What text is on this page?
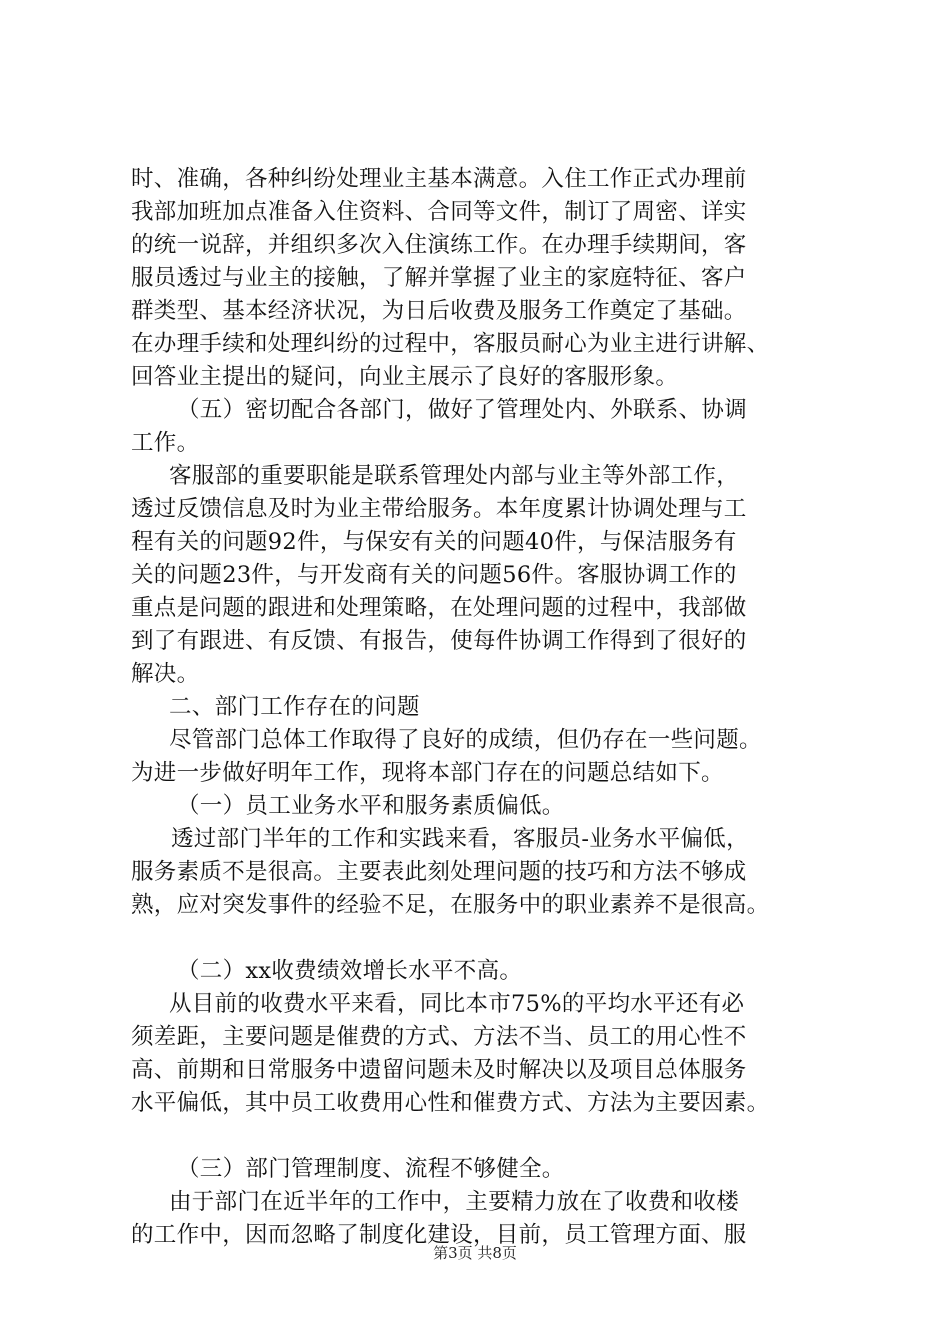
时、准确，各种纠纷处理业主基本满意。入住工作正式办理前
我部加班加点准备入住资料、合同等文件，制订了周密、详实
的统一说辞，并组织多次入住演练工作。在办理手续期间，客
服员透过与业主的接触，了解并掌握了业主的家庭特征、客户
群类型、基本经济状况，为日后收费及服务工作奠定了基础。
在办理手续和处理纠纷的过程中，客服员耐心为业主进行讲解、
回答业主提出的疑问，向业主展示了良好的客服形象。
（五）密切配合各部门，做好了管理处内、外联系、协调
工作。
客服部的重要职能是联系管理处内部与业主等外部工作，
透过反馈信息及时为业主带给服务。本年度累计协调处理与工
程有关的问题92件，与保安有关的问题40件，与保洁服务有
关的问题23件，与开发商有关的问题56件。客服协调工作的
重点是问题的跟进和处理策略，在处理问题的过程中，我部做
到了有跟进、有反馈、有报告，使每件协调工作得到了很好的
解决。
二、部门工作存在的问题
尽管部门总体工作取得了良好的成绩，但仍存在一些问题。
为进一步做好明年工作，现将本部门存在的问题总结如下。
（一）员工业务水平和服务素质偏低。
透过部门半年的工作和实践来看，客服员-业务水平偏低，
服务素质不是很高。主要表此刻处理问题的技巧和方法不够成
熟，应对突发事件的经验不足，在服务中的职业素养不是很高。
（二）xx收费绩效增长水平不高。
从目前的收费水平来看，同比本市75%的平均水平还有必
须差距，主要问题是催费的方式、方法不当、员工的用心性不
高、前期和日常服务中遗留问题未及时解决以及项目总体服务
水平偏低，其中员工收费用心性和催费方式、方法为主要因素。
（三）部门管理制度、流程不够健全。
由于部门在近半年的工作中，主要精力放在了收费和收楼
的工作中，因而忽略了制度化建设，目前，员工管理方面、服
第3页 共8页
